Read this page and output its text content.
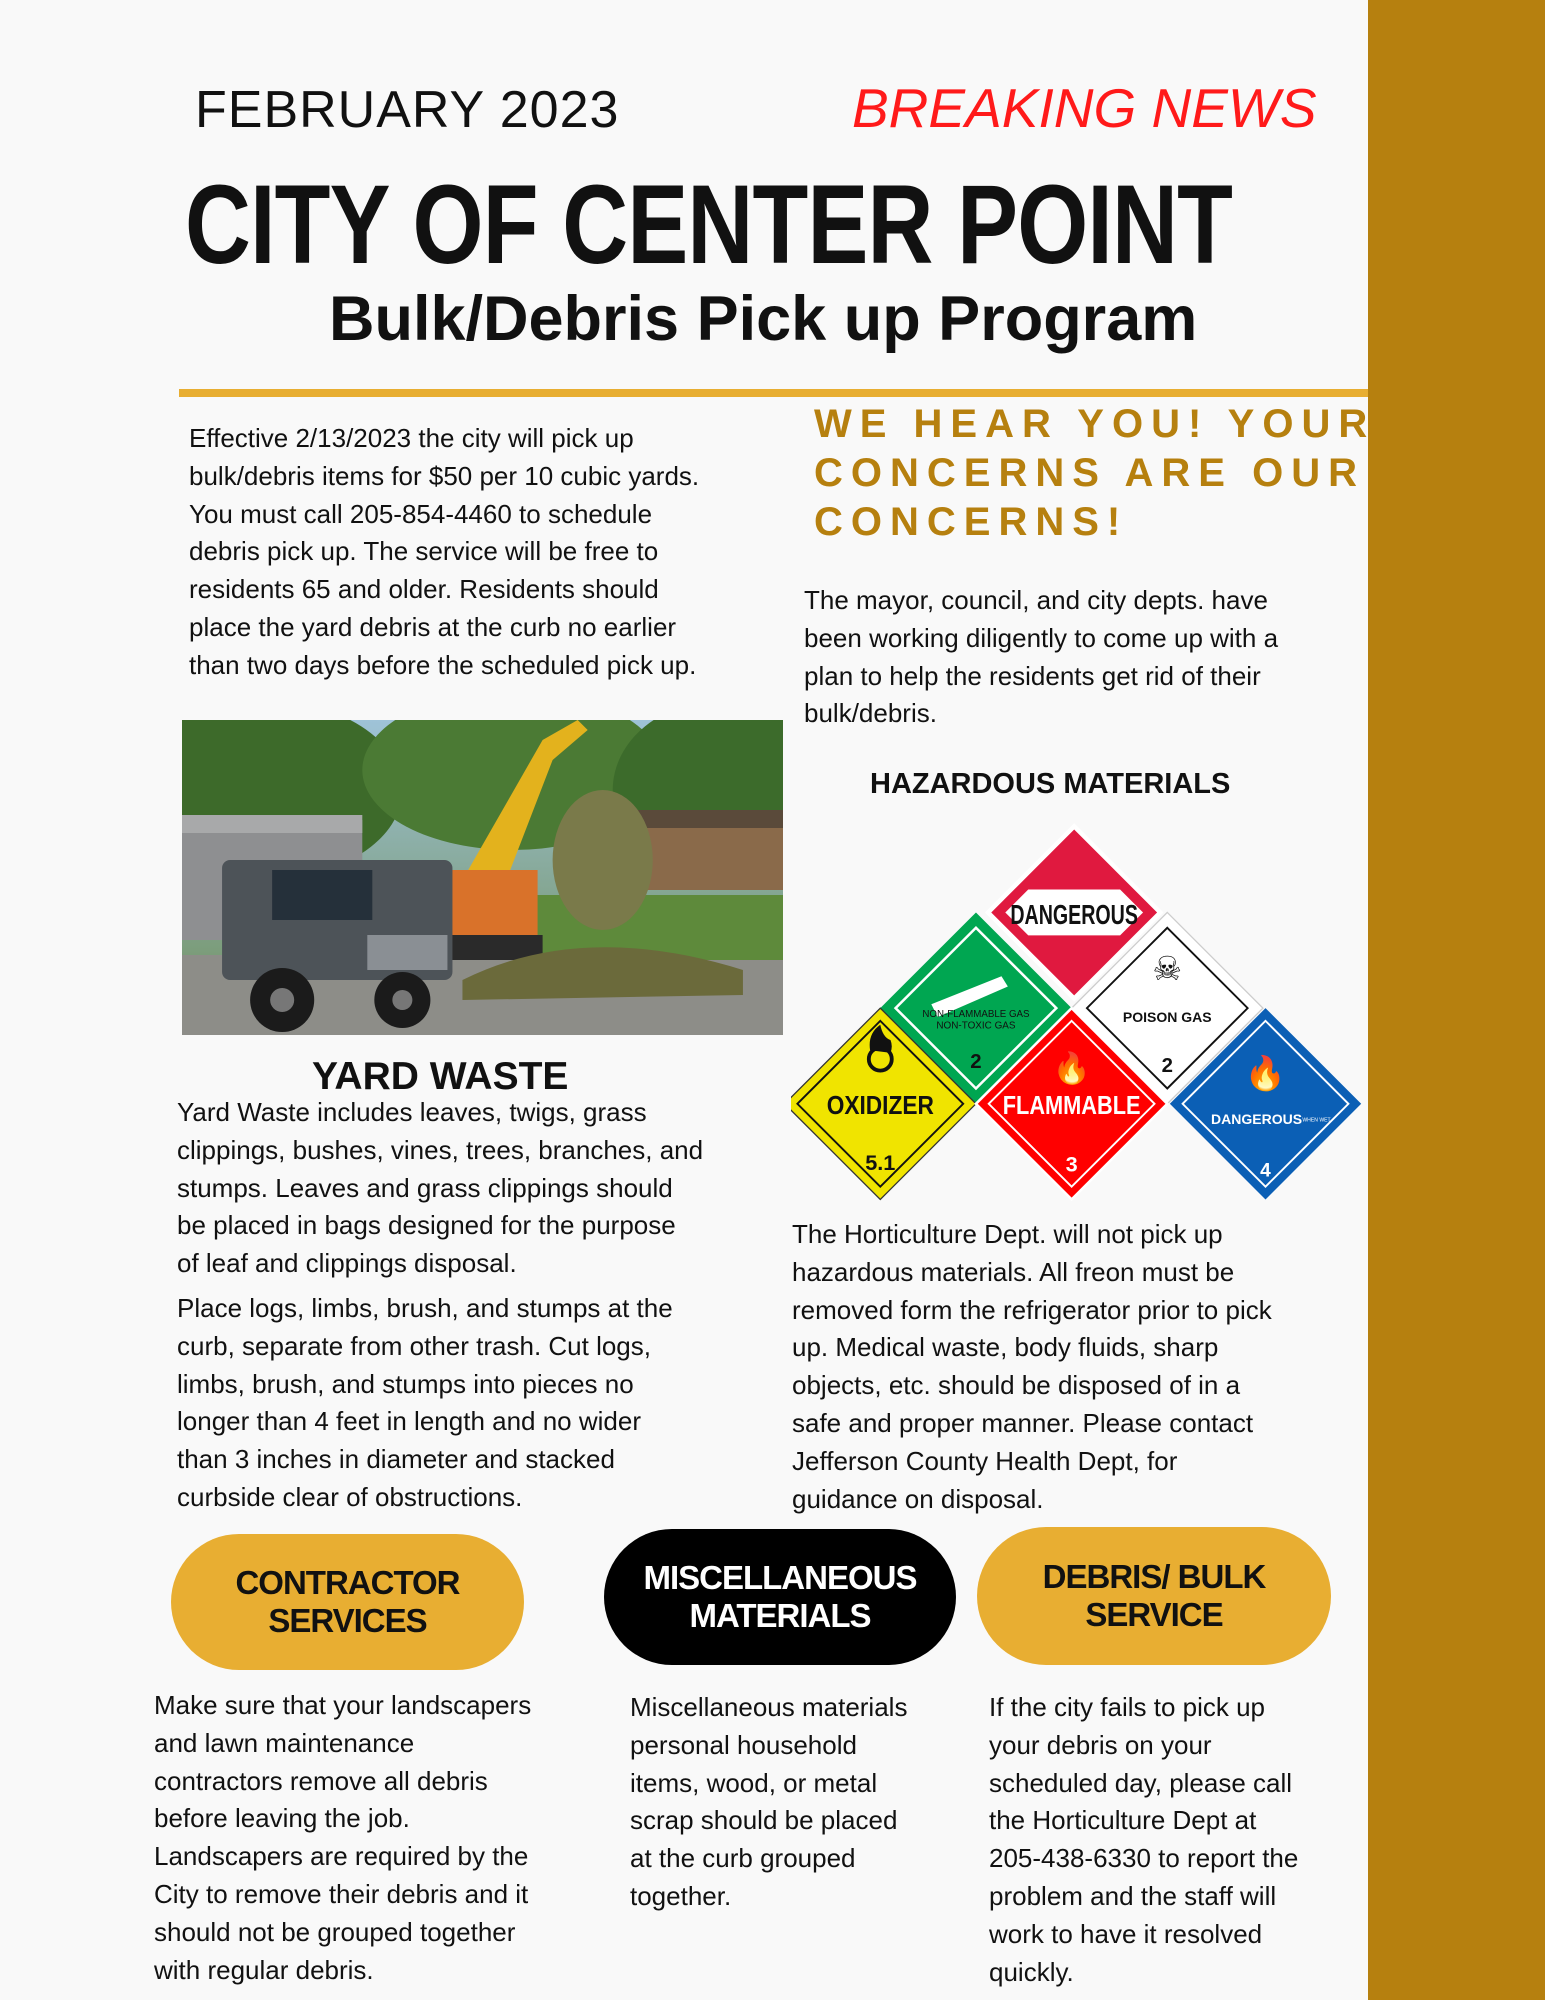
FEBRUARY 2023	BREAKING NEWS
CITY OF CENTER POINT
Bulk/Debris Pick up Program
Effective 2/13/2023 the city will pick up
bulk/debris items for $50 per 10 cubic yards.
You must call 205-854-4460 to schedule
debris pick up. The service will be free to
residents 65 and older. Residents should
place the yard debris at the curb no earlier
than two days before the scheduled pick up.
WE HEAR YOU! YOUR
CONCERNS ARE OUR
CONCERNS!
The mayor, council, and city depts. have
been working diligently to come up with a
plan to help the residents get rid of their
bulk/debris.
HAZARDOUS MATERIALS
DANGEROUS
NON-FLAMMABLE GAS
NON-TOXIC GAS
2
☠
POISON GAS
2
OXIDIZER
5.1
🔥
FLAMMABLE
3
🔥
DANGEROUS WHEN WET
4
YARD WASTE
Yard Waste includes leaves, twigs, grass
clippings, bushes, vines, trees, branches, and
stumps. Leaves and grass clippings should
be placed in bags designed for the purpose
of leaf and clippings disposal.
Place logs, limbs, brush, and stumps at the
curb, separate from other trash. Cut logs,
limbs, brush, and stumps into pieces no
longer than 4 feet in length and no wider
than 3 inches in diameter and stacked
curbside clear of obstructions.
The Horticulture Dept. will not pick up
hazardous materials. All freon must be
removed form the refrigerator prior to pick
up. Medical waste, body fluids, sharp
objects, etc. should be disposed of in a
safe and proper manner. Please contact
Jefferson County Health Dept, for
guidance on disposal.
CONTRACTOR
SERVICES
MISCELLANEOUS
MATERIALS
DEBRIS/ BULK
SERVICE
Make sure that your landscapers
and lawn maintenance
contractors remove all debris
before leaving the job.
Landscapers are required by the
City to remove their debris and it
should not be grouped together
with regular debris.
Miscellaneous materials
personal household
items, wood, or metal
scrap should be placed
at the curb grouped
together.
If the city fails to pick up
your debris on your
scheduled day, please call
the Horticulture Dept at
205-438-6330 to report the
problem and the staff will
work to have it resolved
quickly.
